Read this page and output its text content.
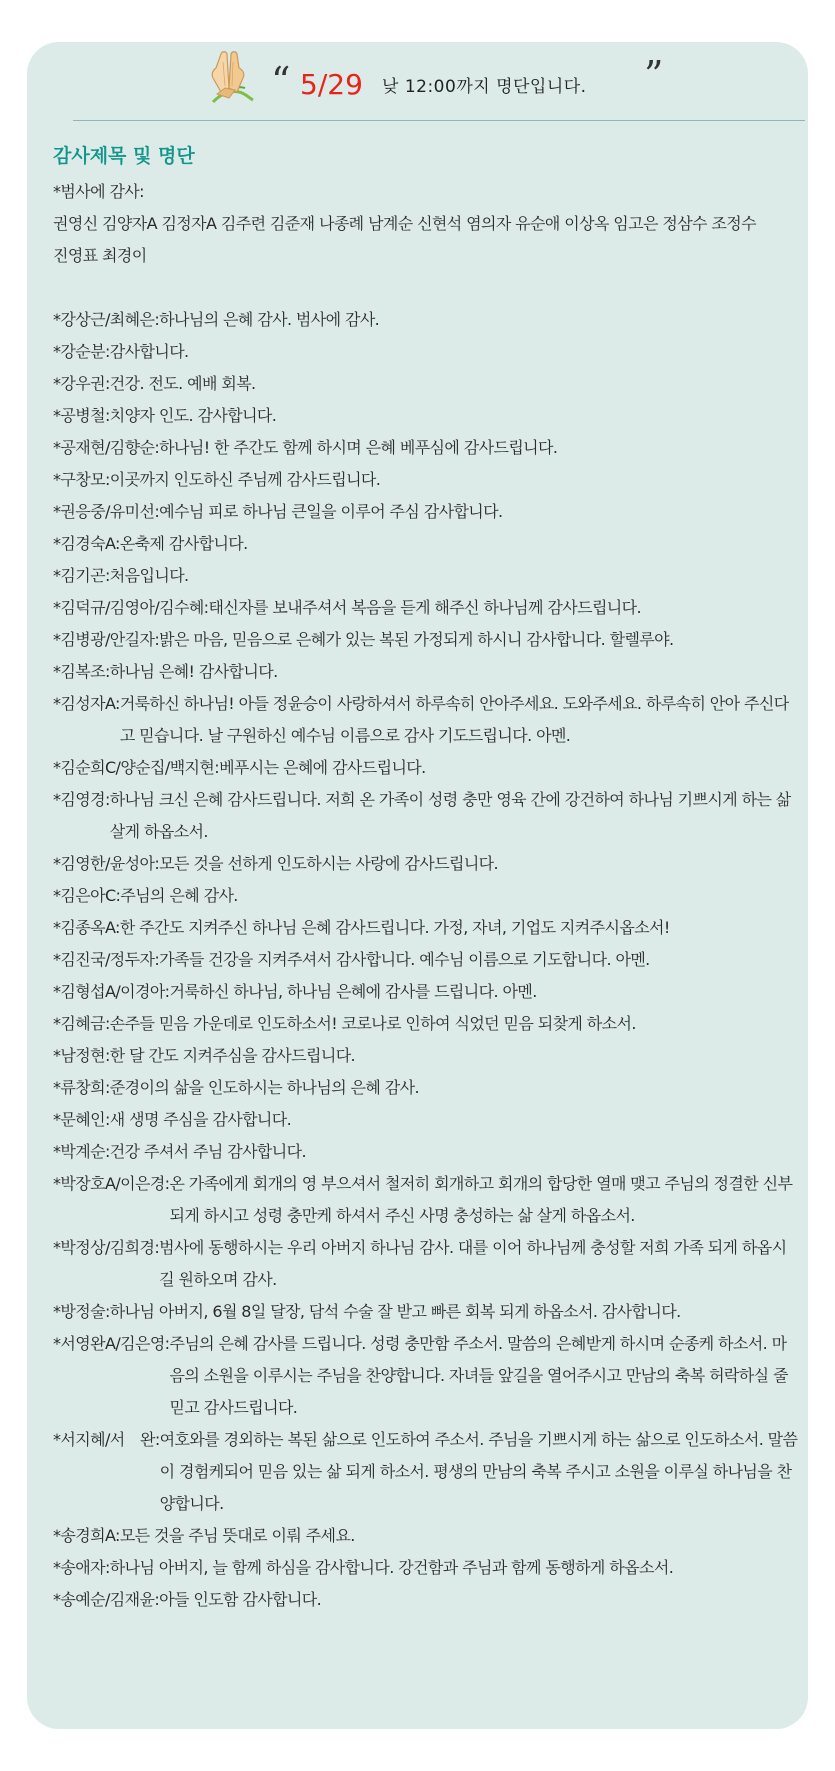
“ 5/29 낮 12:00까지 명단입니다. ”
감사제목 및 명단
*범사에 감사:
권영신 김양자A 김정자A 김주련 김준재 나종례 남계순 신현석 염의자 유순애 이상옥 임고은 정삼수 조정수
진영표 최경이
*강상근/최혜은: 하나님의 은혜 감사. 범사에 감사.
*강순분: 감사합니다.
*강우권: 건강. 전도. 예배 회복.
*공병철: 치양자 인도. 감사합니다.
*공재현/김향순: 하나님! 한 주간도 함께 하시며 은혜 베푸심에 감사드립니다.
*구창모: 이곳까지 인도하신 주님께 감사드립니다.
*권응중/유미선: 예수님 피로 하나님 큰일을 이루어 주심 감사합니다.
*김경숙A: 온축제 감사합니다.
*김기곤: 처음입니다.
*김덕규/김영아/김수혜: 태신자를 보내주셔서 복음을 듣게 해주신 하나님께 감사드립니다.
*김병광/안길자: 밝은 마음, 믿음으로 은혜가 있는 복된 가정되게 하시니 감사합니다. 할렐루야.
*김복조: 하나님 은혜! 감사합니다.
*김성자A: 거룩하신 하나님! 아들 정윤승이 사랑하셔서 하루속히 안아주세요. 도와주세요. 하루속히 안아 주신다고 믿습니다. 날 구원하신 예수님 이름으로 감사 기도드립니다. 아멘.
*김순희C/양순집/백지현: 베푸시는 은혜에 감사드립니다.
*김영경: 하나님 크신 은혜 감사드립니다. 저희 온 가족이 성령 충만 영육 간에 강건하여 하나님 기쁘시게 하는 삶 살게 하옵소서.
*김영한/윤성아: 모든 것을 선하게 인도하시는 사랑에 감사드립니다.
*김은아C: 주님의 은혜 감사.
*김종옥A: 한 주간도 지켜주신 하나님 은혜 감사드립니다. 가정, 자녀, 기업도 지켜주시옵소서!
*김진국/정두자: 가족들 건강을 지켜주셔서 감사합니다. 예수님 이름으로 기도합니다. 아멘.
*김형섭A/이경아: 거룩하신 하나님, 하나님 은혜에 감사를 드립니다. 아멘.
*김혜금: 손주들 믿음 가운데로 인도하소서! 코로나로 인하여 식었던 믿음 되찾게 하소서.
*남정현: 한 달 간도 지켜주심을 감사드립니다.
*류창희: 준경이의 삶을 인도하시는 하나님의 은혜 감사.
*문혜인: 새 생명 주심을 감사합니다.
*박계순: 건강 주셔서 주님 감사합니다.
*박장호A/이은경: 온 가족에게 회개의 영 부으셔서 철저히 회개하고 회개의 합당한 열매 맺고 주님의 정결한 신부 되게 하시고 성령 충만케 하셔서 주신 사명 충성하는 삶 살게 하옵소서.
*박정상/김희경: 범사에 동행하시는 우리 아버지 하나님 감사. 대를 이어 하나님께 충성할 저희 가족 되게 하옵시길 원하오며 감사.
*방정술: 하나님 아버지, 6월 8일 달장, 담석 수술 잘 받고 빠른 회복 되게 하옵소서. 감사합니다.
*서영완A/김은영: 주님의 은혜 감사를 드립니다. 성령 충만함 주소서. 말씀의 은혜받게 하시며 순종케 하소서. 마음의 소원을 이루시는 주님을 찬양합니다. 자녀들 앞길을 열어주시고 만남의 축복 허락하실 줄 믿고 감사드립니다.
*서지혜/서　완: 여호와를 경외하는 복된 삶으로 인도하여 주소서. 주님을 기쁘시게 하는 삶으로 인도하소서. 말씀이 경험케되어 믿음 있는 삶 되게 하소서. 평생의 만남의 축복 주시고 소원을 이루실 하나님을 찬양합니다.
*송경희A: 모든 것을 주님 뜻대로 이뤄 주세요.
*송애자: 하나님 아버지, 늘 함께 하심을 감사합니다. 강건함과 주님과 함께 동행하게 하옵소서.
*송예순/김재윤: 아들 인도함 감사합니다.
